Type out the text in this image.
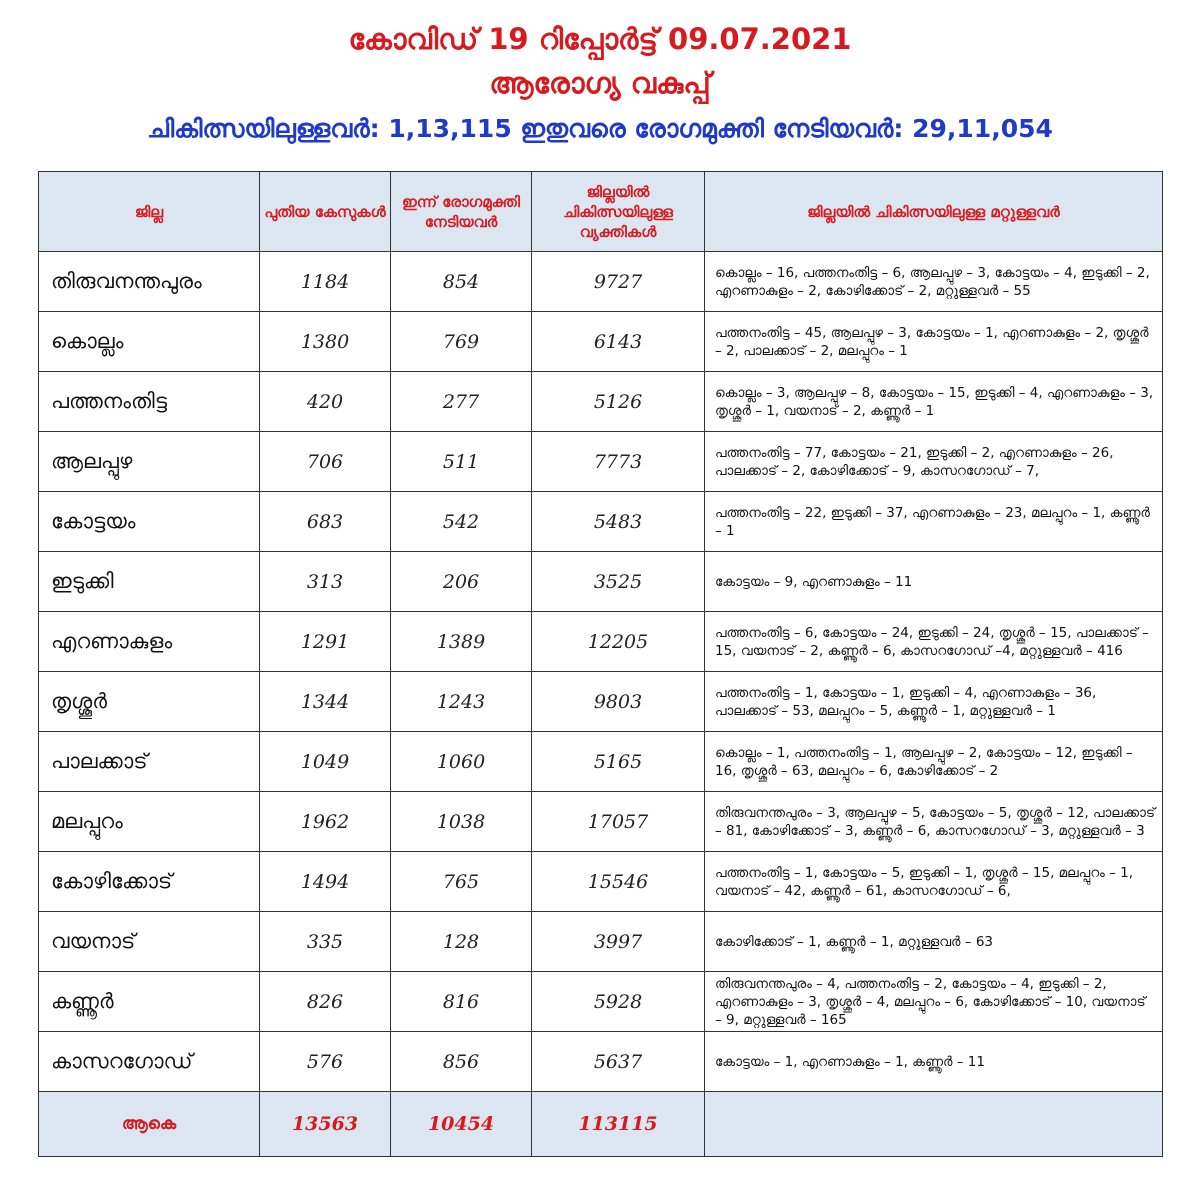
കോവിഡ് 19 റിപ്പോർട്ട് 09.07.2021
ആരോഗ്യ വകുപ്പ്
ചികിത്സയിലുള്ളവർ: 1,13,115 ഇതുവരെ രോഗമുക്തി നേടിയവർ: 29,11,054
ജില്ല	പുതിയ കേസുകൾ	ഇന്ന് രോഗമുക്തി നേടിയവർ	ജില്ലയിൽ ചികിത്സയിലുള്ള വ്യക്തികൾ	ജില്ലയിൽ ചികിത്സയിലുള്ള മറ്റുള്ളവർ
തിരുവനന്തപുരം	1184	854	9727	കൊല്ലം – 16, പത്തനംതിട്ട – 6, ആലപ്പുഴ – 3, കോട്ടയം – 4, ഇടുക്കി – 2, എറണാകുളം – 2, കോഴിക്കോട് – 2, മറ്റുള്ളവർ – 55
കൊല്ലം	1380	769	6143	പത്തനംതിട്ട – 45, ആലപ്പുഴ – 3, കോട്ടയം – 1, എറണാകുളം – 2, തൃശ്ശൂർ – 2, പാലക്കാട് – 2, മലപ്പുറം – 1
പത്തനംതിട്ട	420	277	5126	കൊല്ലം – 3, ആലപ്പുഴ – 8, കോട്ടയം – 15, ഇടുക്കി – 4, എറണാകുളം – 3, തൃശ്ശൂർ – 1, വയനാട് – 2, കണ്ണൂർ – 1
ആലപ്പുഴ	706	511	7773	പത്തനംതിട്ട – 77, കോട്ടയം – 21, ഇടുക്കി – 2, എറണാകുളം – 26, പാലക്കാട് – 2, കോഴിക്കോട് – 9, കാസറഗോഡ് – 7,
കോട്ടയം	683	542	5483	പത്തനംതിട്ട – 22, ഇടുക്കി – 37, എറണാകുളം – 23, മലപ്പുറം – 1, കണ്ണൂർ – 1
ഇടുക്കി	313	206	3525	കോട്ടയം – 9, എറണാകുളം – 11
എറണാകുളം	1291	1389	12205	പത്തനംതിട്ട – 6, കോട്ടയം – 24, ഇടുക്കി – 24, തൃശ്ശൂർ – 15, പാലക്കാട് – 15, വയനാട് – 2, കണ്ണൂർ – 6, കാസറഗോഡ് –4, മറ്റുള്ളവർ – 416
തൃശ്ശൂർ	1344	1243	9803	പത്തനംതിട്ട – 1, കോട്ടയം – 1, ഇടുക്കി – 4, എറണാകുളം – 36, പാലക്കാട് – 53, മലപ്പുറം – 5, കണ്ണൂർ – 1, മറ്റുള്ളവർ – 1
പാലക്കാട്	1049	1060	5165	കൊല്ലം – 1, പത്തനംതിട്ട – 1, ആലപ്പുഴ – 2, കോട്ടയം – 12, ഇടുക്കി – 16, തൃശ്ശൂർ – 63, മലപ്പുറം – 6, കോഴിക്കോട് – 2
മലപ്പുറം	1962	1038	17057	തിരുവനന്തപുരം – 3, ആലപ്പുഴ – 5, കോട്ടയം – 5, തൃശ്ശൂർ – 12, പാലക്കാട് – 81, കോഴിക്കോട് – 3, കണ്ണൂർ – 6, കാസറഗോഡ് – 3, മറ്റുള്ളവർ – 3
കോഴിക്കോട്	1494	765	15546	പത്തനംതിട്ട – 1, കോട്ടയം – 5, ഇടുക്കി – 1, തൃശ്ശൂർ – 15, മലപ്പുറം – 1, വയനാട് – 42, കണ്ണൂർ – 61, കാസറഗോഡ് – 6,
വയനാട്	335	128	3997	കോഴിക്കോട് – 1, കണ്ണൂർ – 1, മറ്റുള്ളവർ – 63
കണ്ണൂർ	826	816	5928	തിരുവനന്തപുരം – 4, പത്തനംതിട്ട – 2, കോട്ടയം – 4, ഇടുക്കി – 2, എറണാകുളം – 3, തൃശ്ശൂർ – 4, മലപ്പുറം – 6, കോഴിക്കോട് – 10, വയനാട് – 9, മറ്റുള്ളവർ – 165
കാസറഗോഡ്	576	856	5637	കോട്ടയം – 1, എറണാകുളം – 1, കണ്ണൂർ – 11
ആകെ	13563	10454	113115	
